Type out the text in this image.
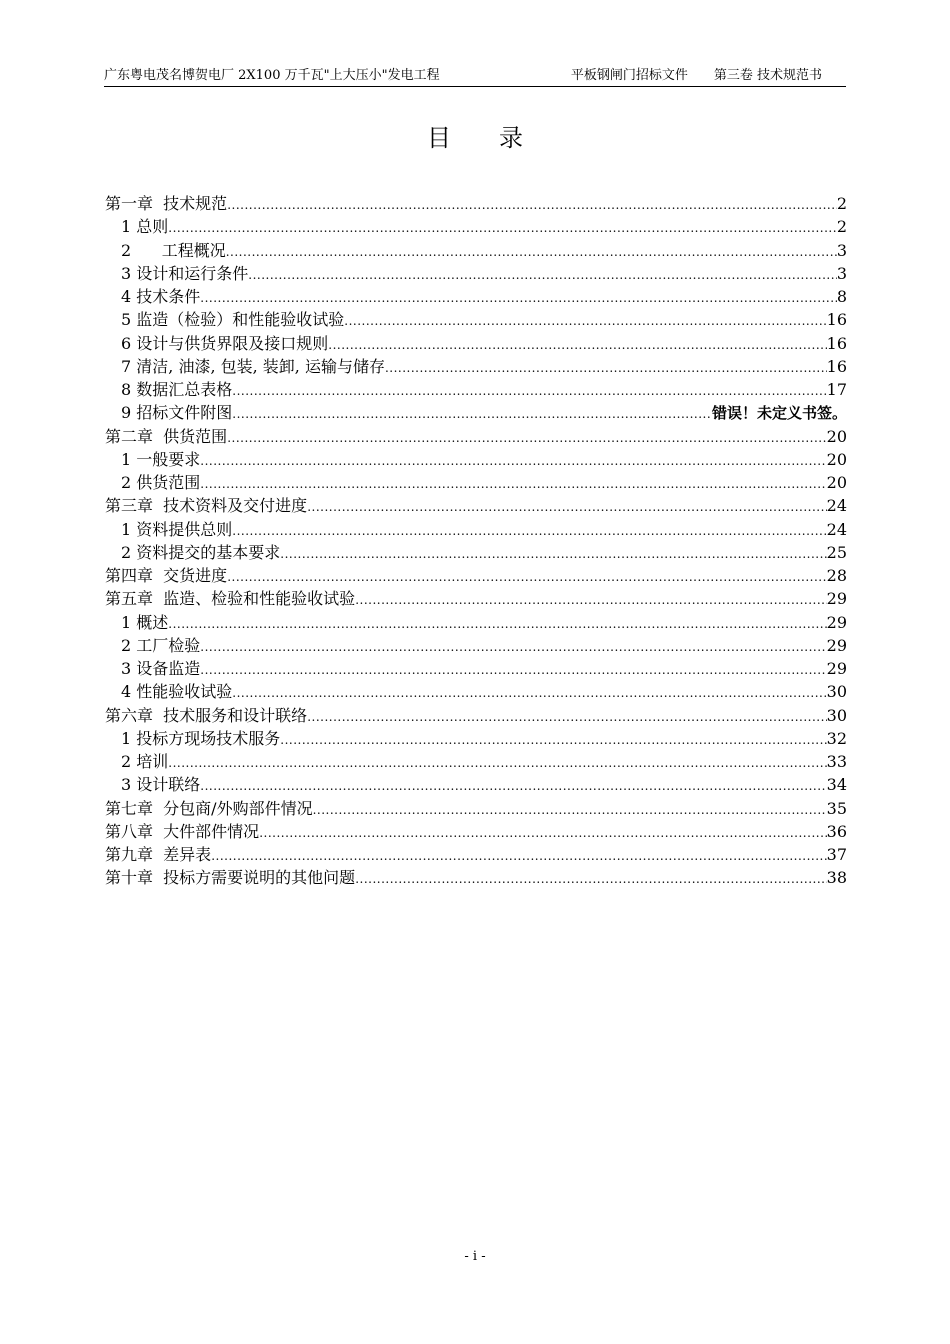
广东粤电茂名博贺电厂 2X100 万千瓦"上大压小"发电工程	平板钢闸门招标文件 第三卷 技术规范书
目录
第一章  技术规范 .....	2
1 总则 .....	2
2      工程概况 .....	3
3 设计和运行条件 .....	3
4 技术条件 .....	8
5 监造（检验）和性能验收试验 .....	16
6 设计与供货界限及接口规则 .....	16
7 清洁, 油漆, 包装, 装卸, 运输与储存 .....	16
8 数据汇总表格 .....	17
9 招标文件附图 .....	错误！未定义书签。
第二章  供货范围 .....	20
1 一般要求 .....	20
2 供货范围 .....	20
第三章  技术资料及交付进度 .....	24
1 资料提供总则 .....	24
2 资料提交的基本要求 .....	25
第四章  交货进度 .....	28
第五章  监造、检验和性能验收试验 .....	29
1 概述 .....	29
2 工厂检验 .....	29
3 设备监造 .....	29
4 性能验收试验 .....	30
第六章  技术服务和设计联络 .....	30
1 投标方现场技术服务 .....	32
2 培训 .....	33
3 设计联络 .....	34
第七章  分包商/外购部件情况 .....	35
第八章  大件部件情况 .....	36
第九章  差异表 .....	37
第十章  投标方需要说明的其他问题 .....	38
- i -
